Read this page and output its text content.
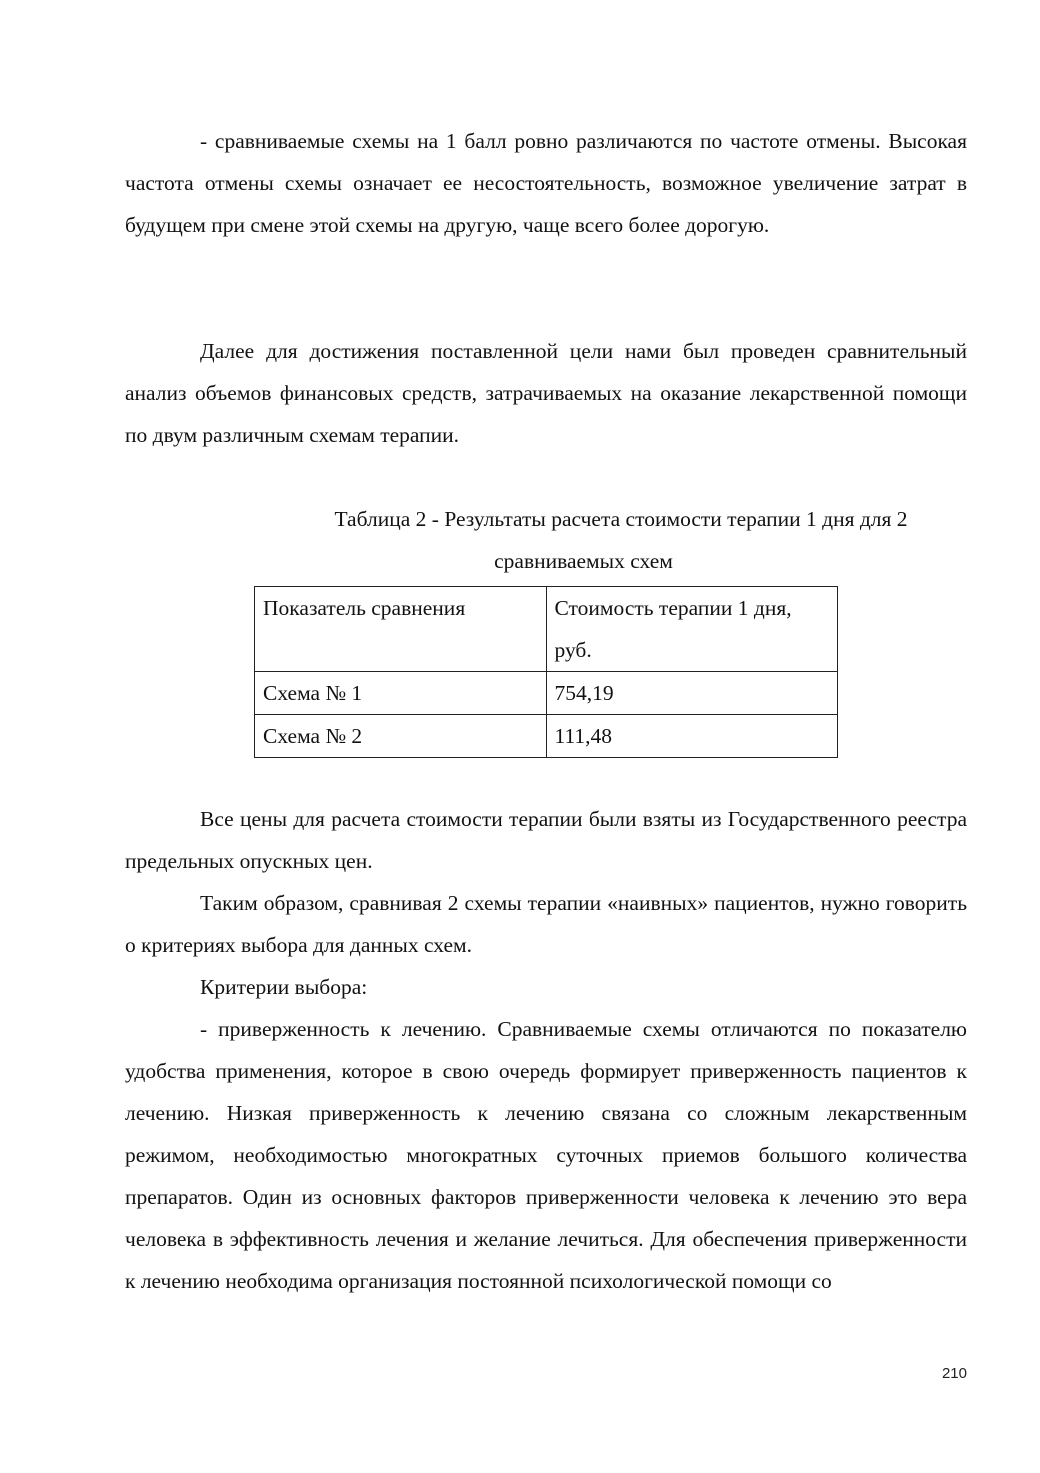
- сравниваемые схемы на 1 балл ровно различаются по частоте отмены. Высокая частота отмены схемы означает ее несостоятельность, возможное увеличение затрат в будущем при смене этой схемы на другую, чаще всего более дорогую.

Далее для достижения поставленной цели нами был проведен сравнительный анализ объемов финансовых средств, затрачиваемых на оказание лекарственной помощи по двум различным схемам терапии.

Таблица 2 - Результаты расчета стоимости терапии 1 дня для 2
сравниваемых схем
Показатель сравнения	Стоимость терапии 1 дня, руб.
Схема № 1	754,19
Схема № 2	111,48

Все цены для расчета стоимости терапии были взяты из Государственного реестра предельных опускных цен.

Таким образом, сравнивая 2 схемы терапии «наивных» пациентов, нужно говорить о критериях выбора для данных схем.

Критерии выбора:

- приверженность к лечению. Сравниваемые схемы отличаются по показателю удобства применения, которое в свою очередь формирует приверженность пациентов к лечению. Низкая приверженность к лечению связана со сложным лекарственным режимом, необходимостью многократных суточных приемов большого количества препаратов. Один из основных факторов приверженности человека к лечению это вера человека в эффективность лечения и желание лечиться. Для обеспечения приверженности к лечению необходима организация постоянной психологической помощи со

210
